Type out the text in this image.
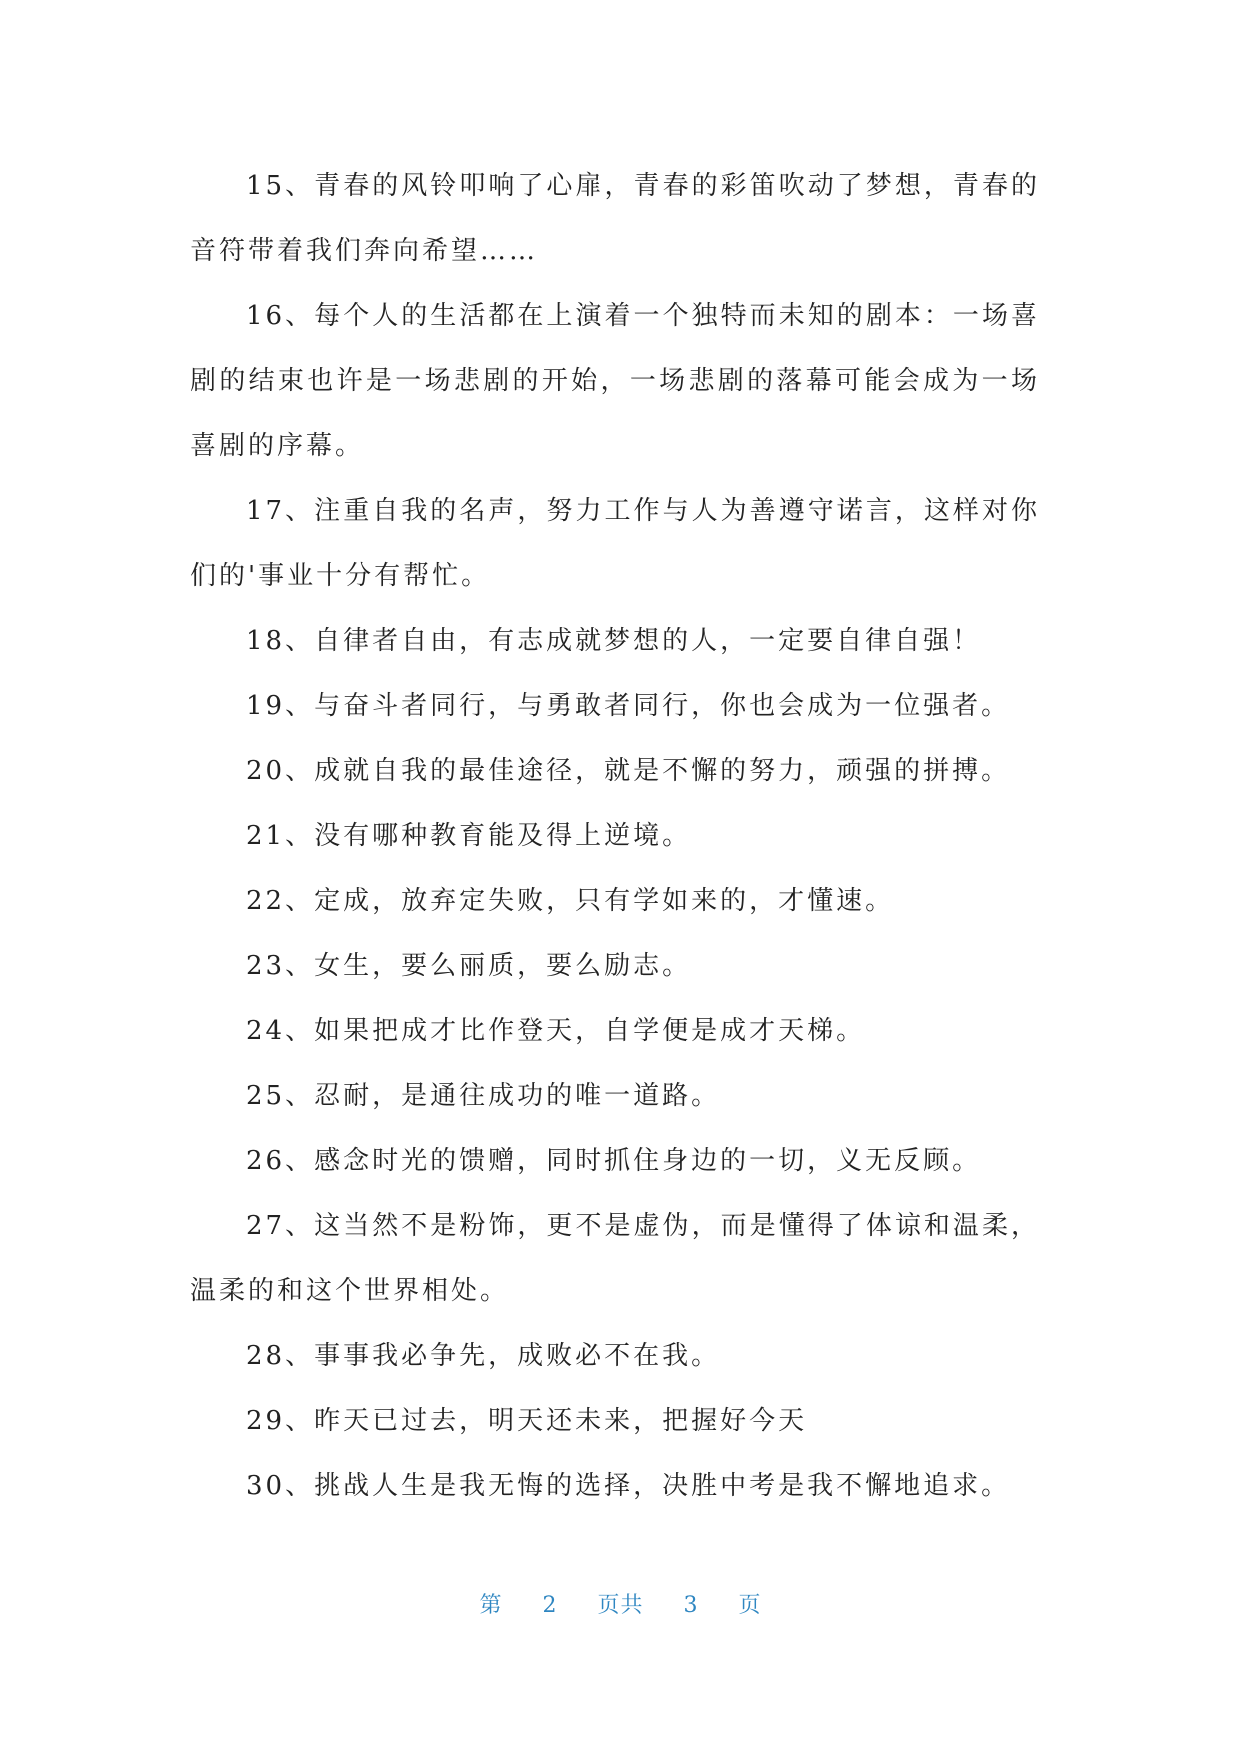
15、青春的风铃叩响了心扉，青春的彩笛吹动了梦想，青春的音符带着我们奔向希望……

16、每个人的生活都在上演着一个独特而未知的剧本：一场喜剧的结束也许是一场悲剧的开始，一场悲剧的落幕可能会成为一场喜剧的序幕。

17、注重自我的名声，努力工作与人为善遵守诺言，这样对你们的'事业十分有帮忙。

18、自律者自由，有志成就梦想的人，一定要自律自强！

19、与奋斗者同行，与勇敢者同行，你也会成为一位强者。

20、成就自我的最佳途径，就是不懈的努力，顽强的拼搏。

21、没有哪种教育能及得上逆境。

22、定成，放弃定失败，只有学如来的，才懂速。

23、女生，要么丽质，要么励志。

24、如果把成才比作登天，自学便是成才天梯。

25、忍耐，是通往成功的唯一道路。

26、感念时光的馈赠，同时抓住身边的一切，义无反顾。

27、这当然不是粉饰，更不是虚伪，而是懂得了体谅和温柔，温柔的和这个世界相处。

28、事事我必争先，成败必不在我。

29、昨天已过去，明天还未来，把握好今天

30、挑战人生是我无悔的选择，决胜中考是我不懈地追求。

第 2 页共 3 页
